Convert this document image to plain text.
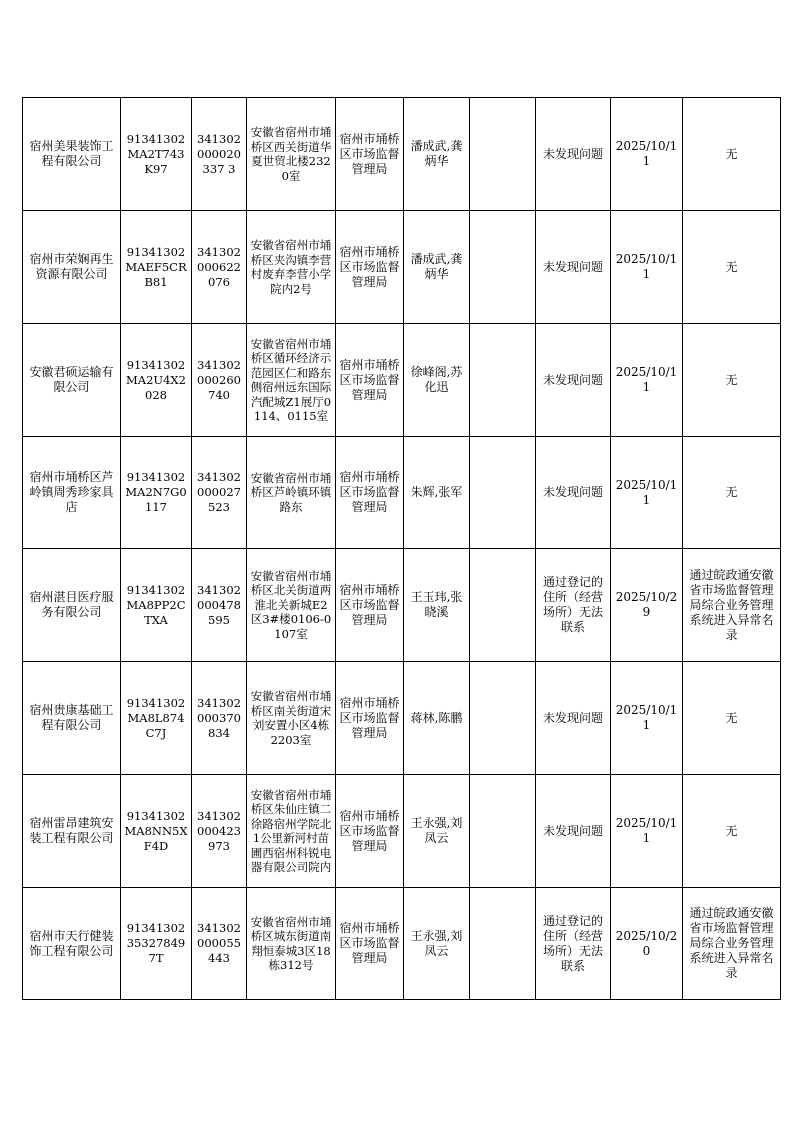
宿州美果装饰工程有限公司	91341302MA2T743K97	341302000020337 3	安徽省宿州市埇桥区西关街道华夏世贸北楼2320室	宿州市埇桥区市场监督管理局	潘成武,龚炳华		未发现问题	2025/10/11	无

宿州市荣娴再生资源有限公司	91341302MAEF5CRB81	341302000622076	安徽省宿州市埇桥区夹沟镇李营村废弃李营小学院内2号	宿州市埇桥区市场监督管理局	潘成武,龚炳华		未发现问题	2025/10/11	无

安徽君硕运输有限公司	91341302MA2U4X2028	341302000260740	安徽省宿州市埇桥区循环经济示范园区仁和路东侧宿州远东国际汽配城Z1展厅0114、0115室	宿州市埇桥区市场监督管理局	徐峰阁,苏化迅		未发现问题	2025/10/11	无

宿州市埇桥区芦岭镇周秀珍家具店	91341302MA2N7G0117	341302000027523	安徽省宿州市埇桥区芦岭镇环镇路东	宿州市埇桥区市场监督管理局	朱辉,张军		未发现问题	2025/10/11	无

宿州湛目医疗服务有限公司	91341302MA8PP2CTXA	341302000478595	安徽省宿州市埇桥区北关街道两淮北关新城E2区3#楼0106-0107室	宿州市埇桥区市场监督管理局	王玉玮,张晓溪		通过登记的住所（经营场所）无法联系	2025/10/29	通过皖政通安徽省市场监督管理局综合业务管理系统进入异常名录

宿州贵康基础工程有限公司	91341302MA8L874C7J	341302000370834	安徽省宿州市埇桥区南关街道宋刘安置小区4栋2203室	宿州市埇桥区市场监督管理局	蒋林,陈鹏		未发现问题	2025/10/11	无

宿州雷昂建筑安装工程有限公司	91341302MA8NN5XF4D	341302000423973	安徽省宿州市埇桥区朱仙庄镇二徐路宿州学院北1公里新河村苗圃西宿州科锐电器有限公司院内	宿州市埇桥区市场监督管理局	王永强,刘凤云		未发现问题	2025/10/11	无

宿州市天行健装饰工程有限公司	91341302353278497T	341302000055443	安徽省宿州市埇桥区城东街道南翔恒泰城3区18栋312号	宿州市埇桥区市场监督管理局	王永强,刘凤云		通过登记的住所（经营场所）无法联系	2025/10/20	通过皖政通安徽省市场监督管理局综合业务管理系统进入异常名录
